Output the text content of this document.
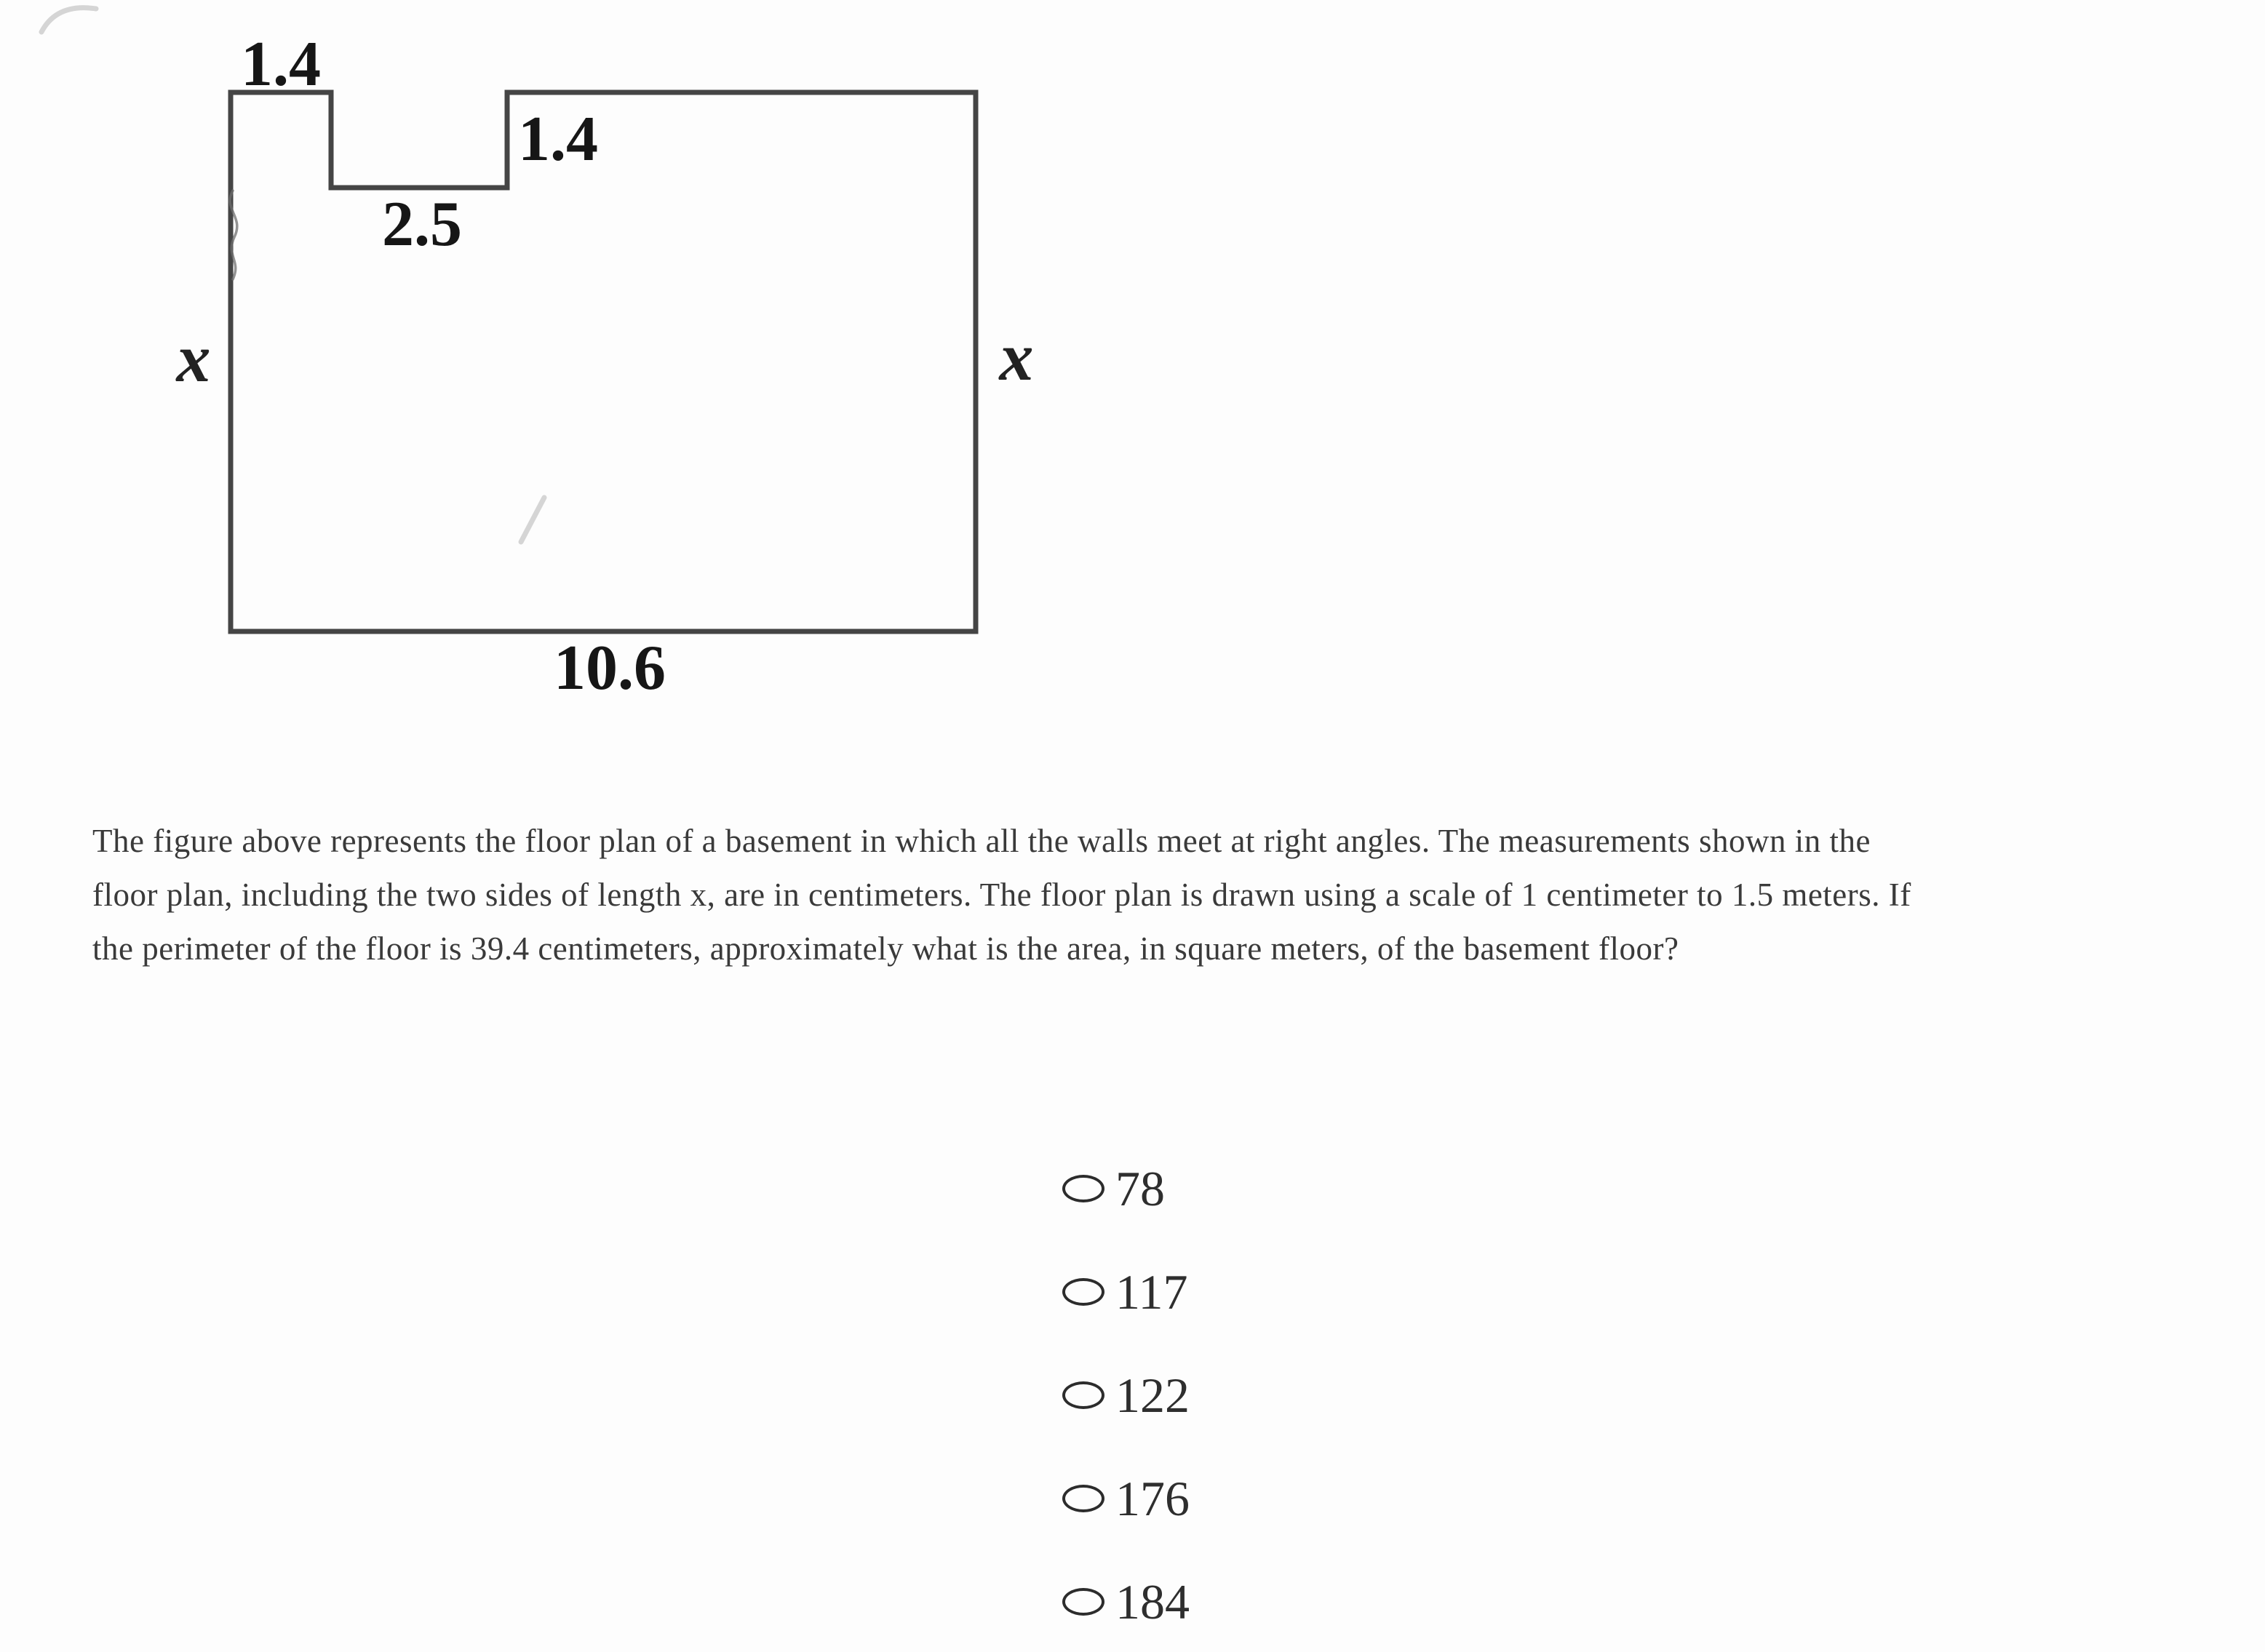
1.4
1.4
2.5
x	x
10.6
The figure above represents the floor plan of a basement in which all the walls meet at right angles. The measurements shown in the
floor plan, including the two sides of length x, are in centimeters. The floor plan is drawn using a scale of 1 centimeter to 1.5 meters. If
the perimeter of the floor is 39.4 centimeters, approximately what is the area, in square meters, of the basement floor?
78
117
122
176
184
